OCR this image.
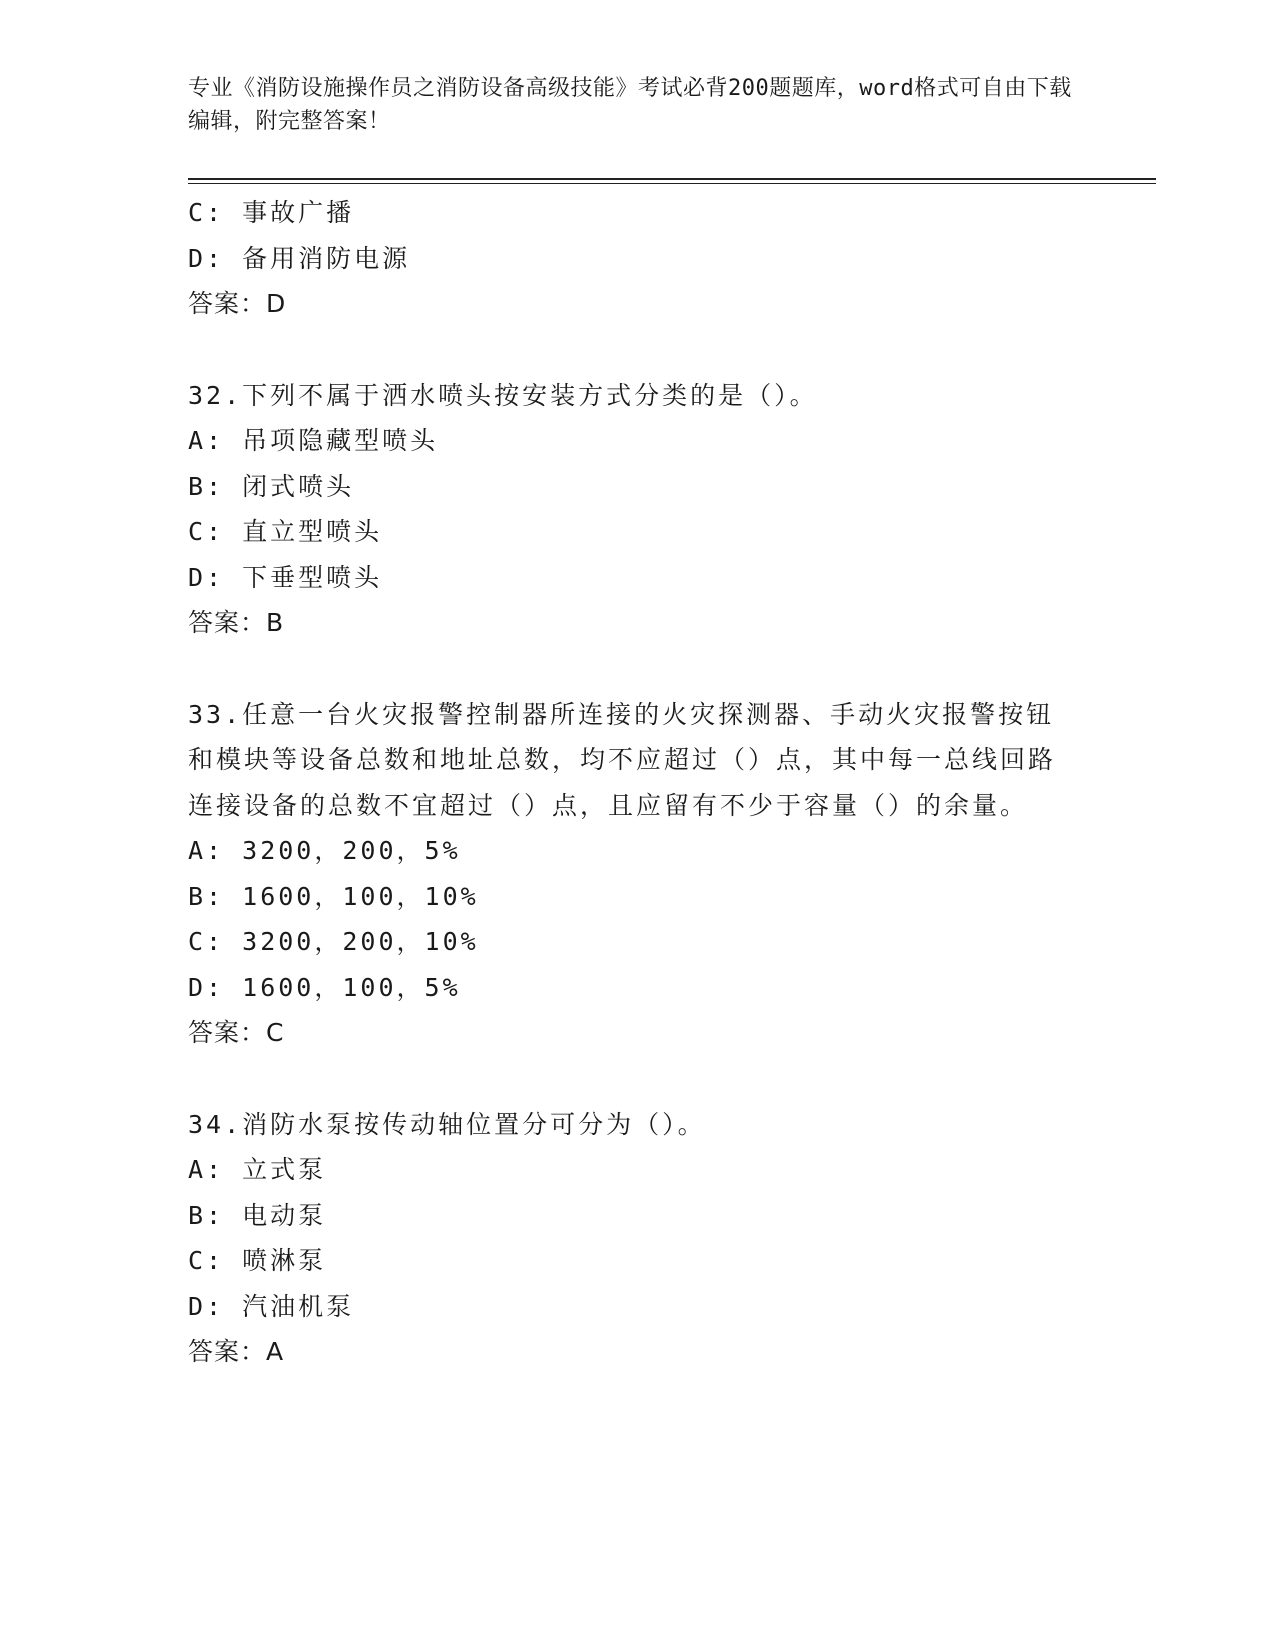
专业《消防设施操作员之消防设备高级技能》考试必背200题题库，word格式可自由下载编辑，附完整答案！
C: 事故广播
D: 备用消防电源
答案：D
32.下列不属于洒水喷头按安装方式分类的是（）。
A: 吊项隐藏型喷头
B: 闭式喷头
C: 直立型喷头
D: 下垂型喷头
答案：B
33.任意一台火灾报警控制器所连接的火灾探测器、手动火灾报警按钮和模块等设备总数和地址总数，均不应超过（）点，其中每一总线回路连接设备的总数不宜超过（）点，且应留有不少于容量（）的余量。
A: 3200，200，5%
B: 1600，100，10%
C: 3200，200，10%
D: 1600，100，5%
答案：C
34.消防水泵按传动轴位置分可分为（）。
A: 立式泵
B: 电动泵
C: 喷淋泵
D: 汽油机泵
答案：A
